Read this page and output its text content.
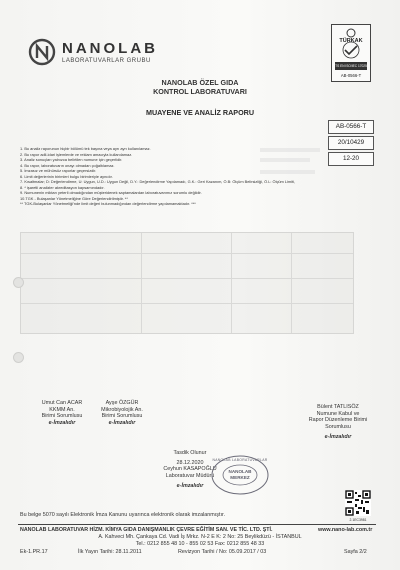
NANOLAB
LABORATUVARLAR GRUBU
TÜRKAK
TS EN ISO/IEC 17025
AB-0566-T
NANOLAB ÖZEL GIDA
KONTROL LABORATUVARI
MUAYENE VE ANALİZ RAPORU
AB-0566-T
20/10429
12-20
1. Bu analiz raporunun hiçbir bölümü tek başına veya ayrı ayrı kullanılamaz.
2. Bu rapor adli-idari işlemlerde ve reklam amacıyla kullanılamaz.
3. Analiz sonuçları yalnızca belirtilen numune için geçerlidir.
4. Bu rapor, laboratuvarın onayı olmadan çoğaltılamaz.
5. İmzasız ve mühürsüz raporlar geçersizdir.
6. Limit değerlerinin birimleri bulgu birimleriyle aynıdır.
7. Kısaltmalar; D: Değerlendirme, U: Uygun, U.D.: Uygun Değil, D.Y.: Değerlendirme Yapılamadı, G.K.: Geri Kazanım, Ö.B: Ölçüm Belirsizliği, Ö.L: Ölçüm Limiti,
8. * işaretli analizler akreditasyon kapsamındadır.
9. Numunenin miktarı yeterli olmadığından müşteridenek saptamalardan laboratuvarımız sorumlu değildir.
10.TGK - Bulaşanlar Yönetmeliğine Göre Değerlendirilmiştir. **
** TGK-Bulaşanlar Yönetmeliği'nde limit değeri bulunmadığından değerlendirme yapılamamaktadır. ***
Umut Can ACAR
KKMM An.
Birimi Sorumlusu
e-İmzalıdır
Ayşe ÖZGÜR
Mikrobiyolojik An.
Birimi Sorumlusu
e-İmzalıdır
Bülent TATLISÖZ
Numune Kabul ve
Rapor Düzenleme Birimi
Sorumlusu
e-İmzalıdır
Tasdik Olunur
28.12.2020
Ceyhun KASAPOĞLU
Laboratuvar Müdürü
e-İmzalıdır
NANOLAB LABORATUVARLAR
NANOLAB
MERKEZ
Bu belge 5070 sayılı Elektronik İmza Kanunu uyarınca elektronik olarak imzalanmıştır.
2.1EC3981
NANOLAB LABORATUVAR HİZM. KİMYA GIDA DANIŞMANLIK ÇEVRE EĞİTİM SAN. VE TİC. LTD. ŞTİ.	www.nano-lab.com.tr
A. Kahveci Mh. Çankaya Cd. Vadi İş Mrkz. N-2 E K: 2 No: 25 Beylikdüzü - İSTANBUL
Tel.: 0212 855 48 10 - 855 02 53 Fax: 0212 855 48 33
Ek-1.PR.17	İlk Yayın Tarihi: 28.11.2011	Revizyon Tarihi / No: 05.09.2017 / 03	Sayfa 2/2
